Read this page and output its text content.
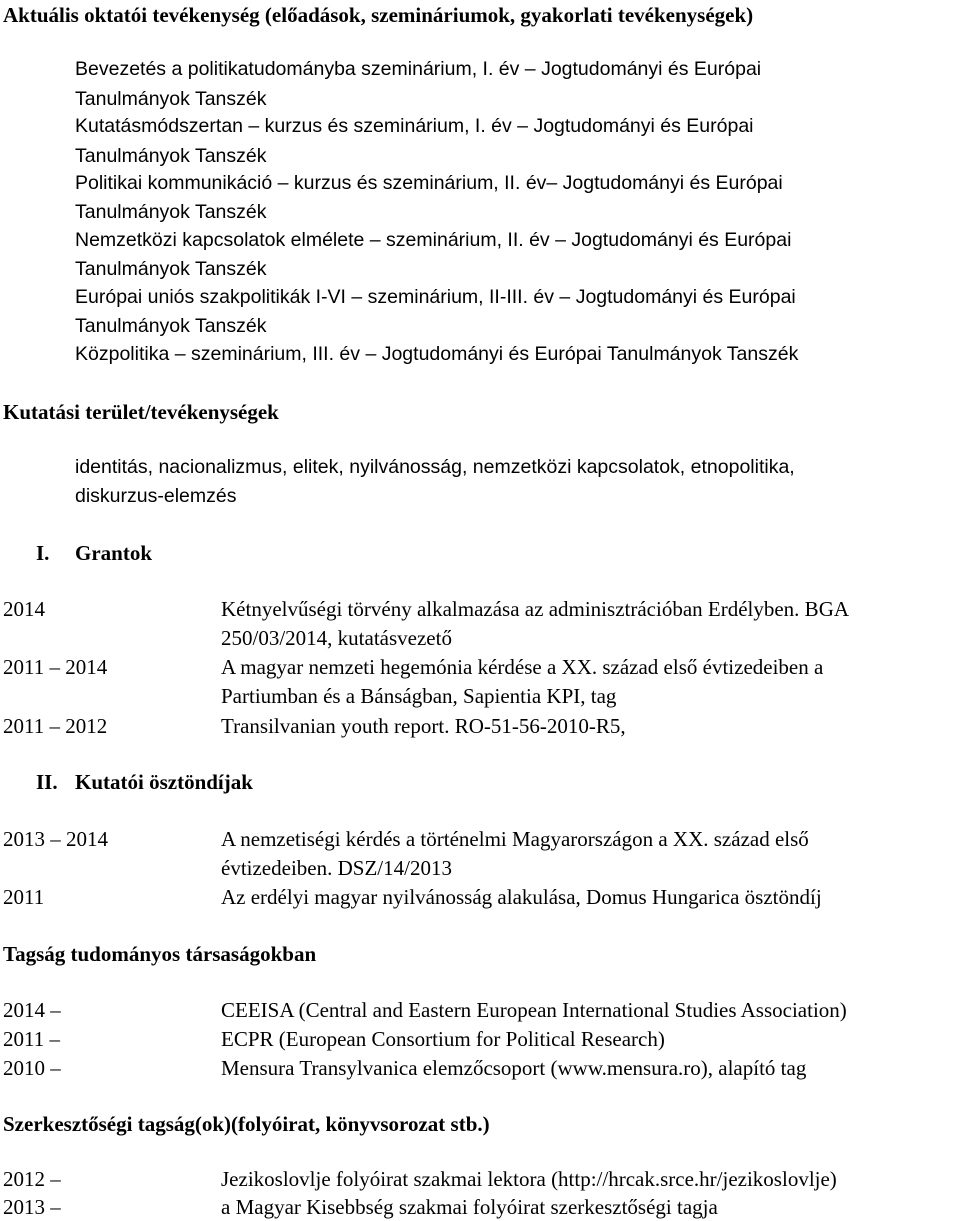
Aktuális oktatói tevékenység (előadások, szemináriumok, gyakorlati tevékenységek)
Bevezetés a politikatudományba szeminárium, I. év – Jogtudományi és Európai
Tanulmányok Tanszék
Kutatásmódszertan – kurzus és szeminárium, I. év – Jogtudományi és Európai
Tanulmányok Tanszék
Politikai kommunikáció – kurzus és szeminárium, II. év– Jogtudományi és Európai
Tanulmányok Tanszék
Nemzetközi kapcsolatok elmélete – szeminárium, II. év – Jogtudományi és Európai
Tanulmányok Tanszék
Európai uniós szakpolitikák I-VI – szeminárium, II-III. év – Jogtudományi és Európai
Tanulmányok Tanszék
Közpolitika – szeminárium, III. év – Jogtudományi és Európai Tanulmányok Tanszék
Kutatási terület/tevékenységek
identitás, nacionalizmus, elitek, nyilvánosság, nemzetközi kapcsolatok, etnopolitika,
diskurzus-elemzés
I. Grantok
2014	Kétnyelvűségi törvény alkalmazása az adminisztrációban Erdélyben. BGA
250/03/2014, kutatásvezető
2011 – 2014	A magyar nemzeti hegemónia kérdése a XX. század első évtizedeiben a
Partiumban és a Bánságban, Sapientia KPI, tag
2011 – 2012	Transilvanian youth report. RO-51-56-2010-R5,
II. Kutatói ösztöndíjak
2013 – 2014	A nemzetiségi kérdés a történelmi Magyarországon a XX. század első
évtizedeiben. DSZ/14/2013
2011	Az erdélyi magyar nyilvánosság alakulása, Domus Hungarica ösztöndíj
Tagság tudományos társaságokban
2014 –	CEEISA (Central and Eastern European International Studies Association)
2011 –	ECPR (European Consortium for Political Research)
2010 –	Mensura Transylvanica elemzőcsoport (www.mensura.ro), alapító tag
Szerkesztőségi tagság(ok)(folyóirat, könyvsorozat stb.)
2012 –	Jezikoslovlje folyóirat szakmai lektora (http://hrcak.srce.hr/jezikoslovlje)
2013 –	a Magyar Kisebbség szakmai folyóirat szerkesztőségi tagja
